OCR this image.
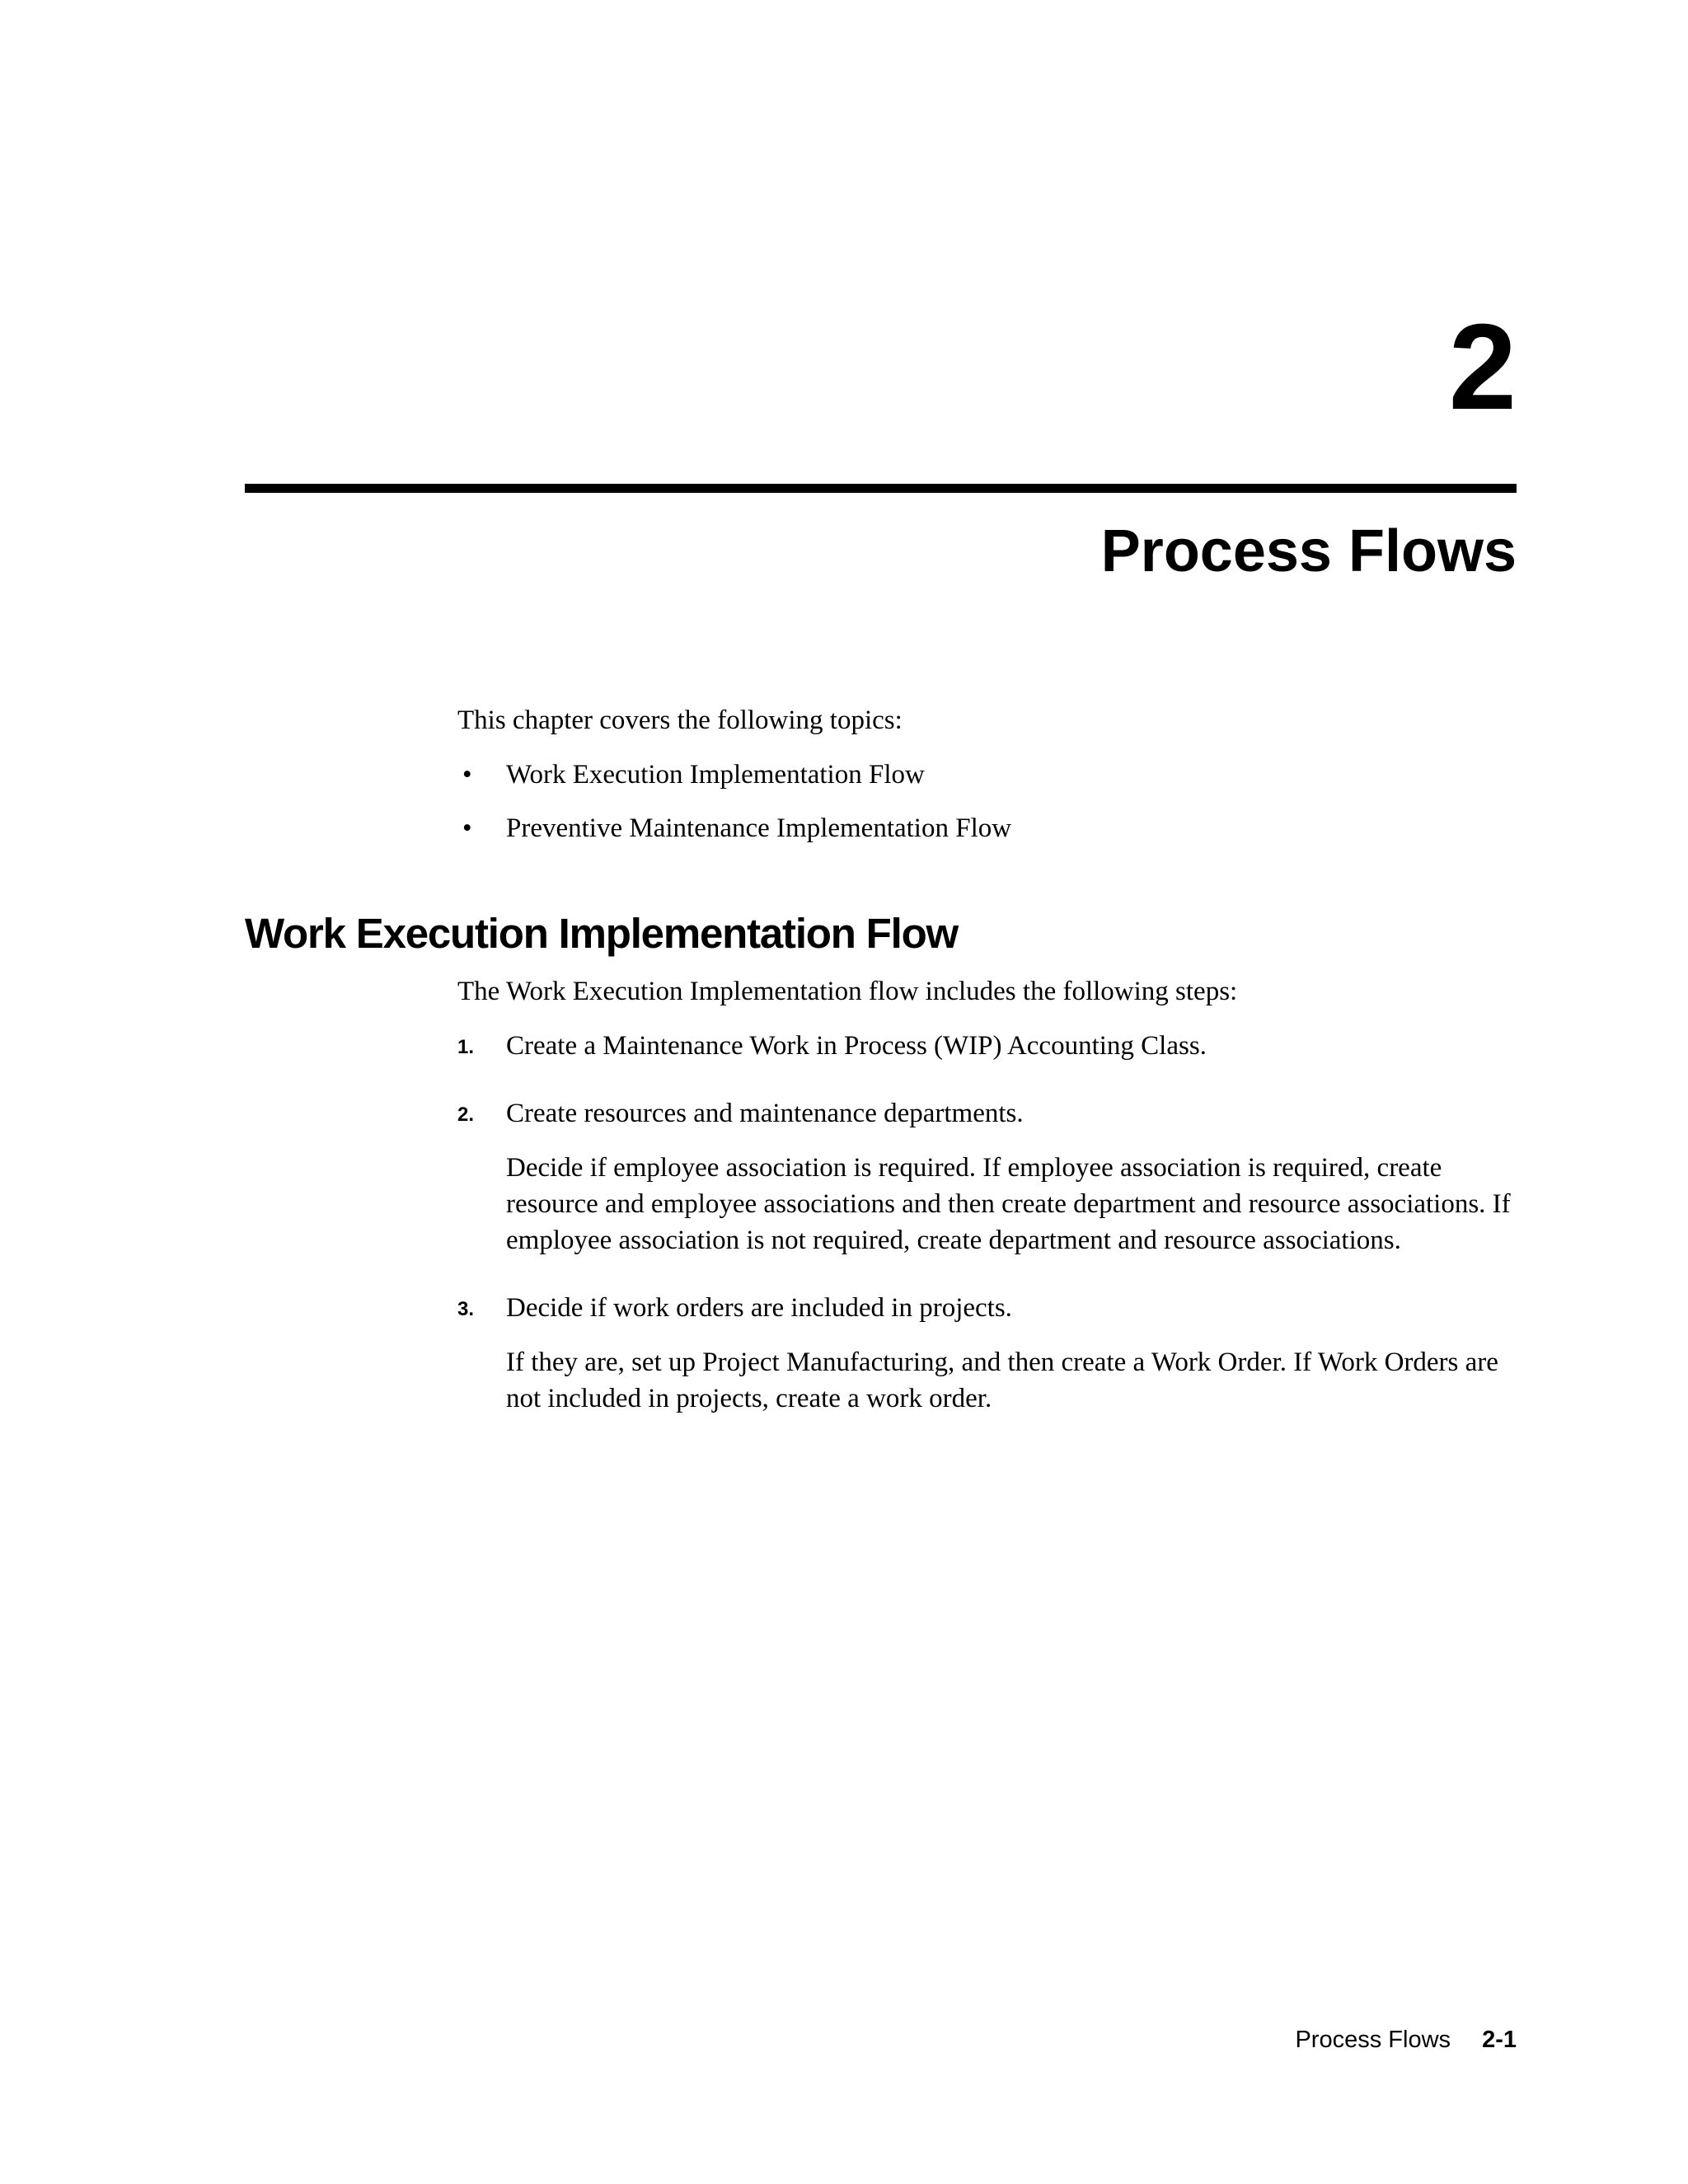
2
Process Flows

This chapter covers the following topics:

• Work Execution Implementation Flow
• Preventive Maintenance Implementation Flow
Work Execution Implementation Flow

The Work Execution Implementation flow includes the following steps:

1. Create a Maintenance Work in Process (WIP) Accounting Class.
2. Create resources and maintenance departments.
Decide if employee association is required. If employee association is required, create resource and employee associations and then create department and resource associations. If employee association is not required, create department and resource associations.
3. Decide if work orders are included in projects.
If they are, set up Project Manufacturing, and then create a Work Order. If Work Orders are not included in projects, create a work order.
Process Flows 2-1
